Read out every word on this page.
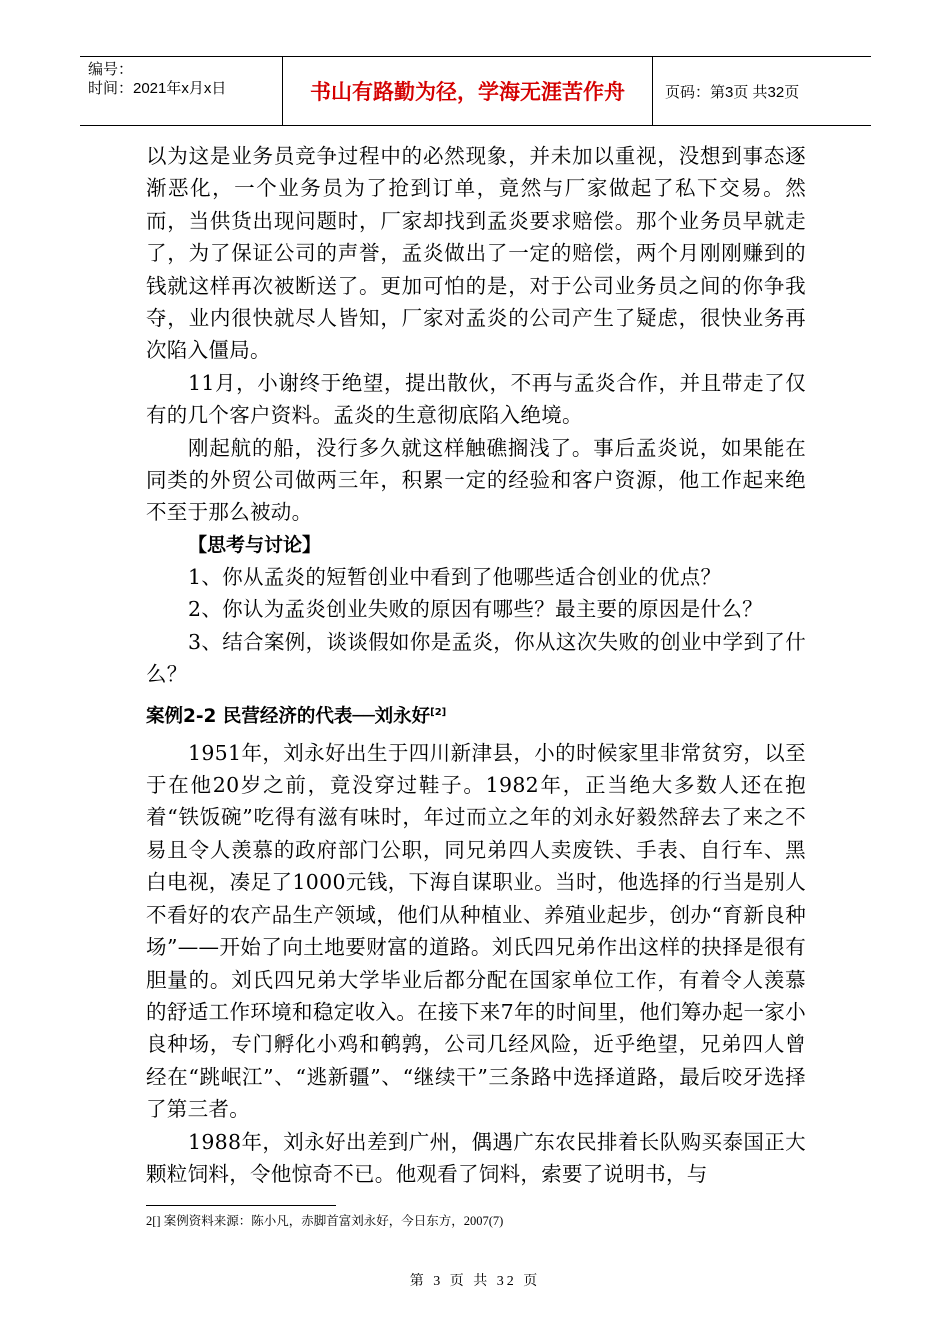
编号：
时间：2021年x月x日	书山有路勤为径，学海无涯苦作舟	页码：第3页 共32页

以为这是业务员竞争过程中的必然现象，并未加以重视，没想到事态逐渐恶化，一个业务员为了抢到订单，竟然与厂家做起了私下交易。然而，当供货出现问题时，厂家却找到孟炎要求赔偿。那个业务员早就走了，为了保证公司的声誉，孟炎做出了一定的赔偿，两个月刚刚赚到的钱就这样再次被断送了。更加可怕的是，对于公司业务员之间的你争我夺，业内很快就尽人皆知，厂家对孟炎的公司产生了疑虑，很快业务再次陷入僵局。

11月，小谢终于绝望，提出散伙，不再与孟炎合作，并且带走了仅有的几个客户资料。孟炎的生意彻底陷入绝境。

刚起航的船，没行多久就这样触礁搁浅了。事后孟炎说，如果能在同类的外贸公司做两三年，积累一定的经验和客户资源，他工作起来绝不至于那么被动。

【思考与讨论】

1、你从孟炎的短暂创业中看到了他哪些适合创业的优点？

2、你认为孟炎创业失败的原因有哪些？最主要的原因是什么？

3、结合案例，谈谈假如你是孟炎，你从这次失败的创业中学到了什么？

案例2-2 民营经济的代表──刘永好[2]

1951年，刘永好出生于四川新津县，小的时候家里非常贫穷，以至于在他20岁之前，竟没穿过鞋子。1982年，正当绝大多数人还在抱着“铁饭碗”吃得有滋有味时，年过而立之年的刘永好毅然辞去了来之不易且令人羡慕的政府部门公职，同兄弟四人卖废铁、手表、自行车、黑白电视，凑足了1000元钱，下海自谋职业。当时，他选择的行当是别人不看好的农产品生产领域，他们从种植业、养殖业起步，创办“育新良种场”——开始了向土地要财富的道路。刘氏四兄弟作出这样的抉择是很有胆量的。刘氏四兄弟大学毕业后都分配在国家单位工作，有着令人羡慕的舒适工作环境和稳定收入。在接下来7年的时间里，他们筹办起一家小良种场，专门孵化小鸡和鹌鹑，公司几经风险，近乎绝望，兄弟四人曾经在“跳岷江”、“逃新疆”、“继续干”三条路中选择道路，最后咬牙选择了第三者。

1988年，刘永好出差到广州，偶遇广东农民排着长队购买泰国正大颗粒饲料，令他惊奇不已。他观看了饲料，索要了说明书，与

2[] 案例资料来源：陈小凡，赤脚首富刘永好，今日东方，2007(7)
第 3 页 共 32 页
